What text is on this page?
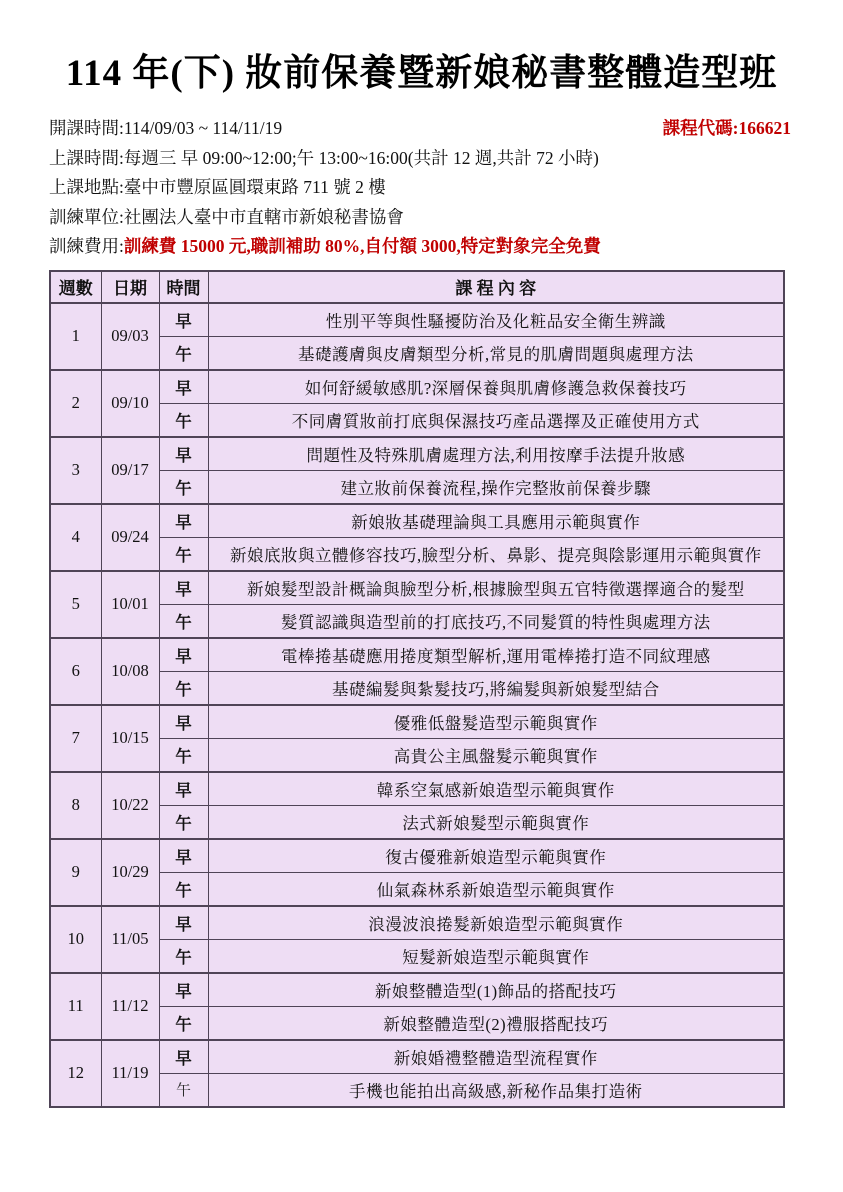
114 年(下) 妝前保養暨新娘秘書整體造型班
開課時間:114/09/03 ~ 114/11/19	課程代碼:166621
上課時間:每週三 早 09:00~12:00;午 13:00~16:00(共計 12 週,共計 72 小時)
上課地點:臺中市豐原區圓環東路 711 號 2 樓
訓練單位:社團法人臺中市直轄市新娘秘書協會
訓練費用:訓練費 15000 元,職訓補助 80%,自付額 3000,特定對象完全免費
週數	日期	時間	課 程 內 容
1	09/03	早	性別平等與性騷擾防治及化粧品安全衛生辨識
		午	基礎護膚與皮膚類型分析,常見的肌膚問題與處理方法
2	09/10	早	如何舒緩敏感肌?深層保養與肌膚修護急救保養技巧
		午	不同膚質妝前打底與保濕技巧產品選擇及正確使用方式
3	09/17	早	問題性及特殊肌膚處理方法,利用按摩手法提升妝感
		午	建立妝前保養流程,操作完整妝前保養步驟
4	09/24	早	新娘妝基礎理論與工具應用示範與實作
		午	新娘底妝與立體修容技巧,臉型分析、鼻影、提亮與陰影運用示範與實作
5	10/01	早	新娘髮型設計概論與臉型分析,根據臉型與五官特徵選擇適合的髮型
		午	髮質認識與造型前的打底技巧,不同髮質的特性與處理方法
6	10/08	早	電棒捲基礎應用捲度類型解析,運用電棒捲打造不同紋理感
		午	基礎編髮與紮髮技巧,將編髮與新娘髮型結合
7	10/15	早	優雅低盤髮造型示範與實作
		午	高貴公主風盤髮示範與實作
8	10/22	早	韓系空氣感新娘造型示範與實作
		午	法式新娘髮型示範與實作
9	10/29	早	復古優雅新娘造型示範與實作
		午	仙氣森林系新娘造型示範與實作
10	11/05	早	浪漫波浪捲髮新娘造型示範與實作
		午	短髮新娘造型示範與實作
11	11/12	早	新娘整體造型(1)飾品的搭配技巧
		午	新娘整體造型(2)禮服搭配技巧
12	11/19	早	新娘婚禮整體造型流程實作
		午	手機也能拍出高級感,新秘作品集打造術
